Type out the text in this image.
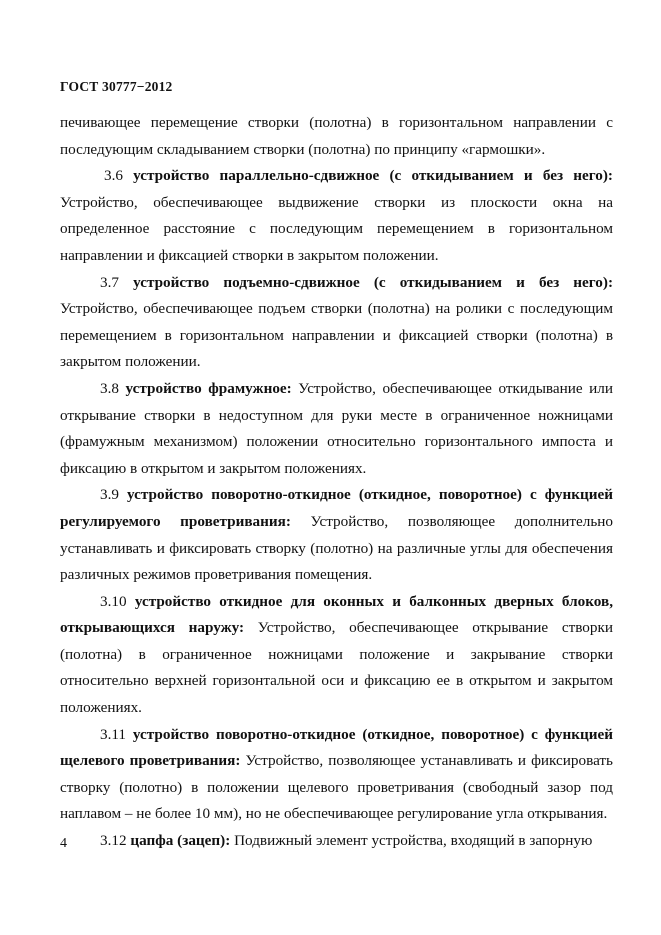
ГОСТ 30777−2012

печивающее перемещение створки (полотна) в горизонтальном направлении с последующим складыванием створки (полотна) по принципу «гармошки».

3.6 устройство параллельно-сдвижное (с откидыванием и без него): Устройство, обеспечивающее выдвижение створки из плоскости окна на определенное расстояние с последующим перемещением в горизонтальном направлении и фиксацией створки в закрытом положении.

3.7 устройство подъемно-сдвижное (с откидыванием и без него): Устройство, обеспечивающее подъем створки (полотна) на ролики с последующим перемещением в горизонтальном направлении и фиксацией створки (полотна) в закрытом положении.

3.8 устройство фрамужное: Устройство, обеспечивающее откидывание или открывание створки в недоступном для руки месте в ограниченное ножницами (фрамужным механизмом) положении относительно горизонтального импоста и фиксацию в открытом и закрытом положениях.

3.9 устройство поворотно-откидное (откидное, поворотное) с функцией регулируемого проветривания: Устройство, позволяющее дополнительно устанавливать и фиксировать створку (полотно) на различные углы для обеспечения различных режимов проветривания помещения.

3.10 устройство откидное для оконных и балконных дверных блоков, открывающихся наружу: Устройство, обеспечивающее открывание створки (полотна) в ограниченное ножницами положение и закрывание створки относительно верхней горизонтальной оси и фиксацию ее в открытом и закрытом положениях.

3.11 устройство поворотно-откидное (откидное, поворотное) с функцией щелевого проветривания: Устройство, позволяющее устанавливать и фиксировать створку (полотно) в положении щелевого проветривания (свободный зазор под наплавом – не более 10 мм), но не обеспечивающее регулирование угла открывания.

3.12 цапфа (зацеп): Подвижный элемент устройства, входящий в запорную

4
